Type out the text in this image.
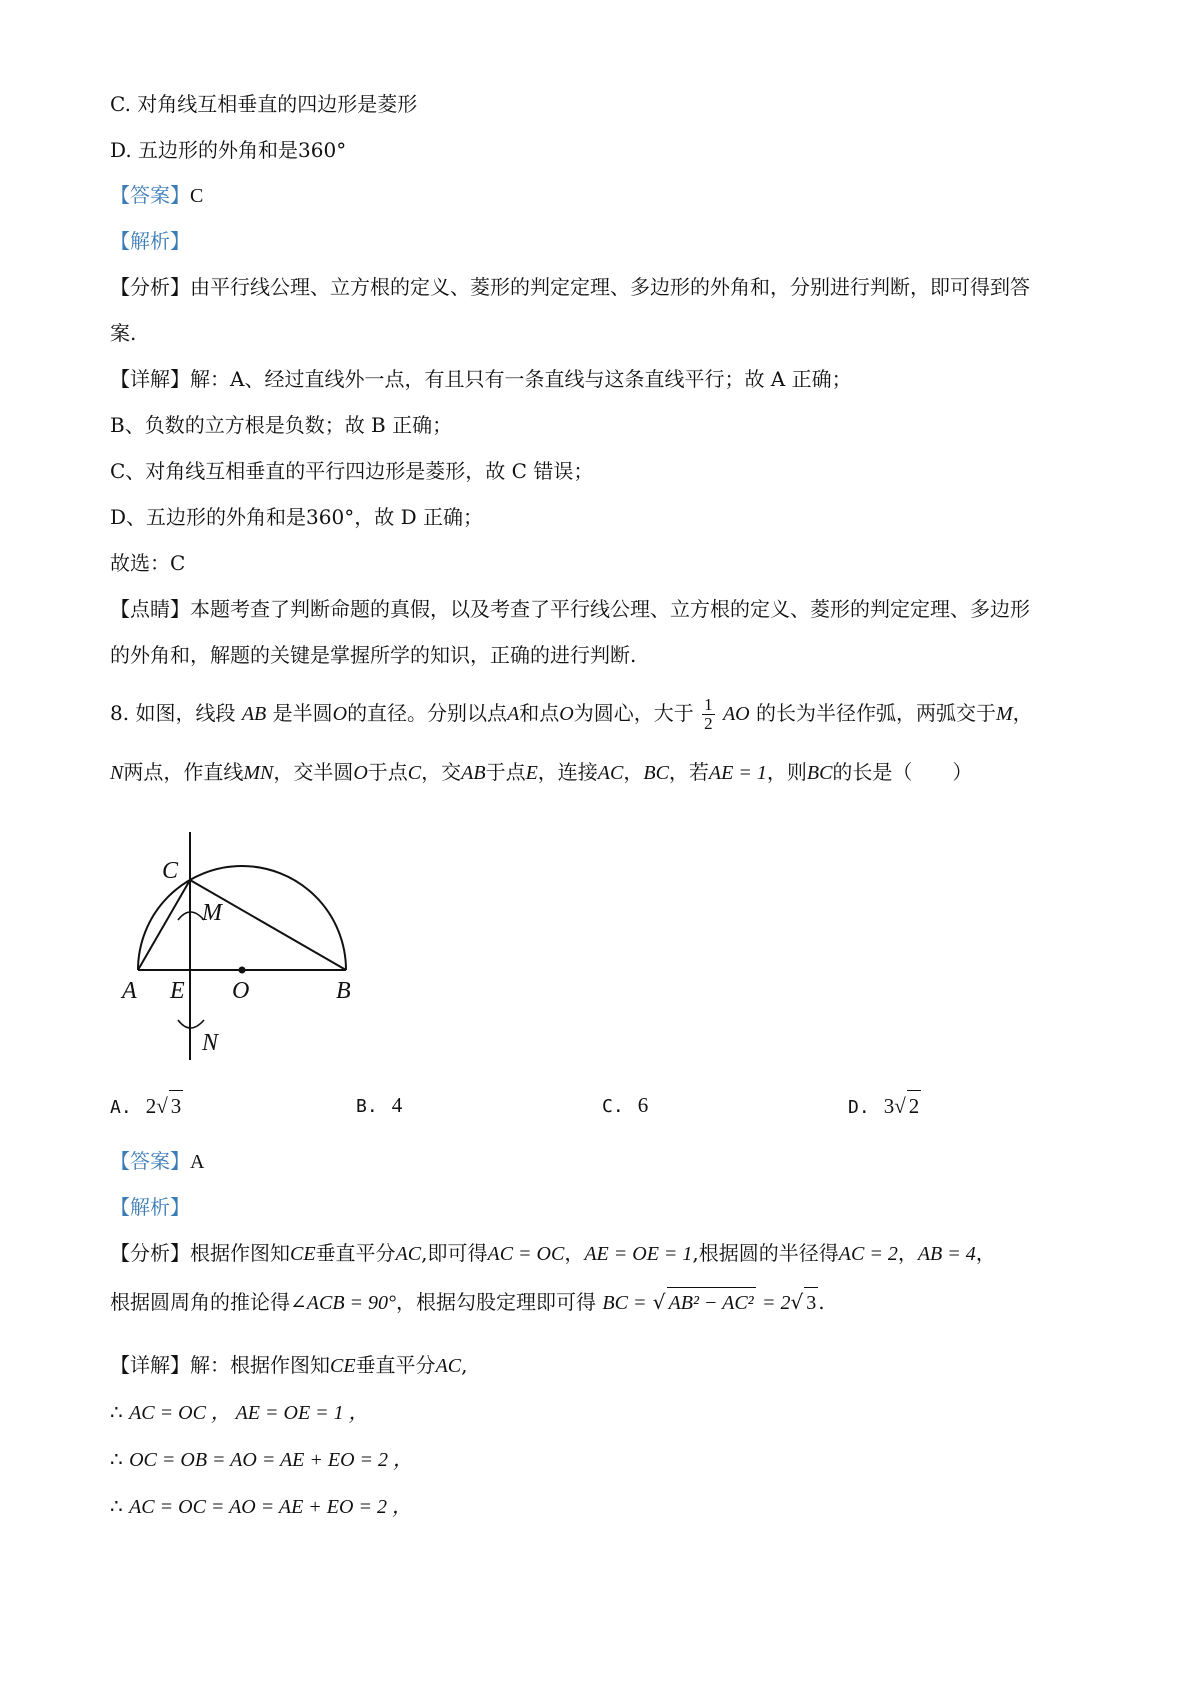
C. 对角线互相垂直的四边形是菱形
D. 五边形的外角和是360°
【答案】C
【解析】
【分析】由平行线公理、立方根的定义、菱形的判定定理、多边形的外角和，分别进行判断，即可得到答
案.
【详解】解：A、经过直线外一点，有且只有一条直线与这条直线平行；故 A 正确；
B、负数的立方根是负数；故 B 正确；
C、对角线互相垂直的平行四边形是菱形，故 C 错误；
D、五边形的外角和是360°，故 D 正确；
故选：C
【点睛】本题考查了判断命题的真假，以及考查了平行线公理、立方根的定义、菱形的判定定理、多边形
的外角和，解题的关键是掌握所学的知识，正确的进行判断.
8. 如图，线段 AB 是半圆O的直径。分别以点A和点O为圆心，大于 $\frac{1}{2}$ AO 的长为半径作弧，两弧交于M，
N两点，作直线MN，交半圆O于点C，交AB于点E，连接AC，BC，若AE = 1，则BC的长是（　　）
C
M
A E O	B
N
A. 2√ 3	B. 4	C. 6	D. 3√ 2
【答案】A
【解析】
【分析】根据作图知CE垂直平分AC,即可得AC = OC，AE = OE = 1,根据圆的半径得AC = 2，AB = 4，
根据圆周角的推论得∠ACB = 90°，根据勾股定理即可得 BC = √ AB² − AC² = 2√ 3 .
【详解】解：根据作图知CE垂直平分AC,
∴ AC = OC ， AE = OE = 1 ，
∴ OC = OB = AO = AE + EO = 2 ，
∴ AC = OC = AO = AE + EO = 2 ，
